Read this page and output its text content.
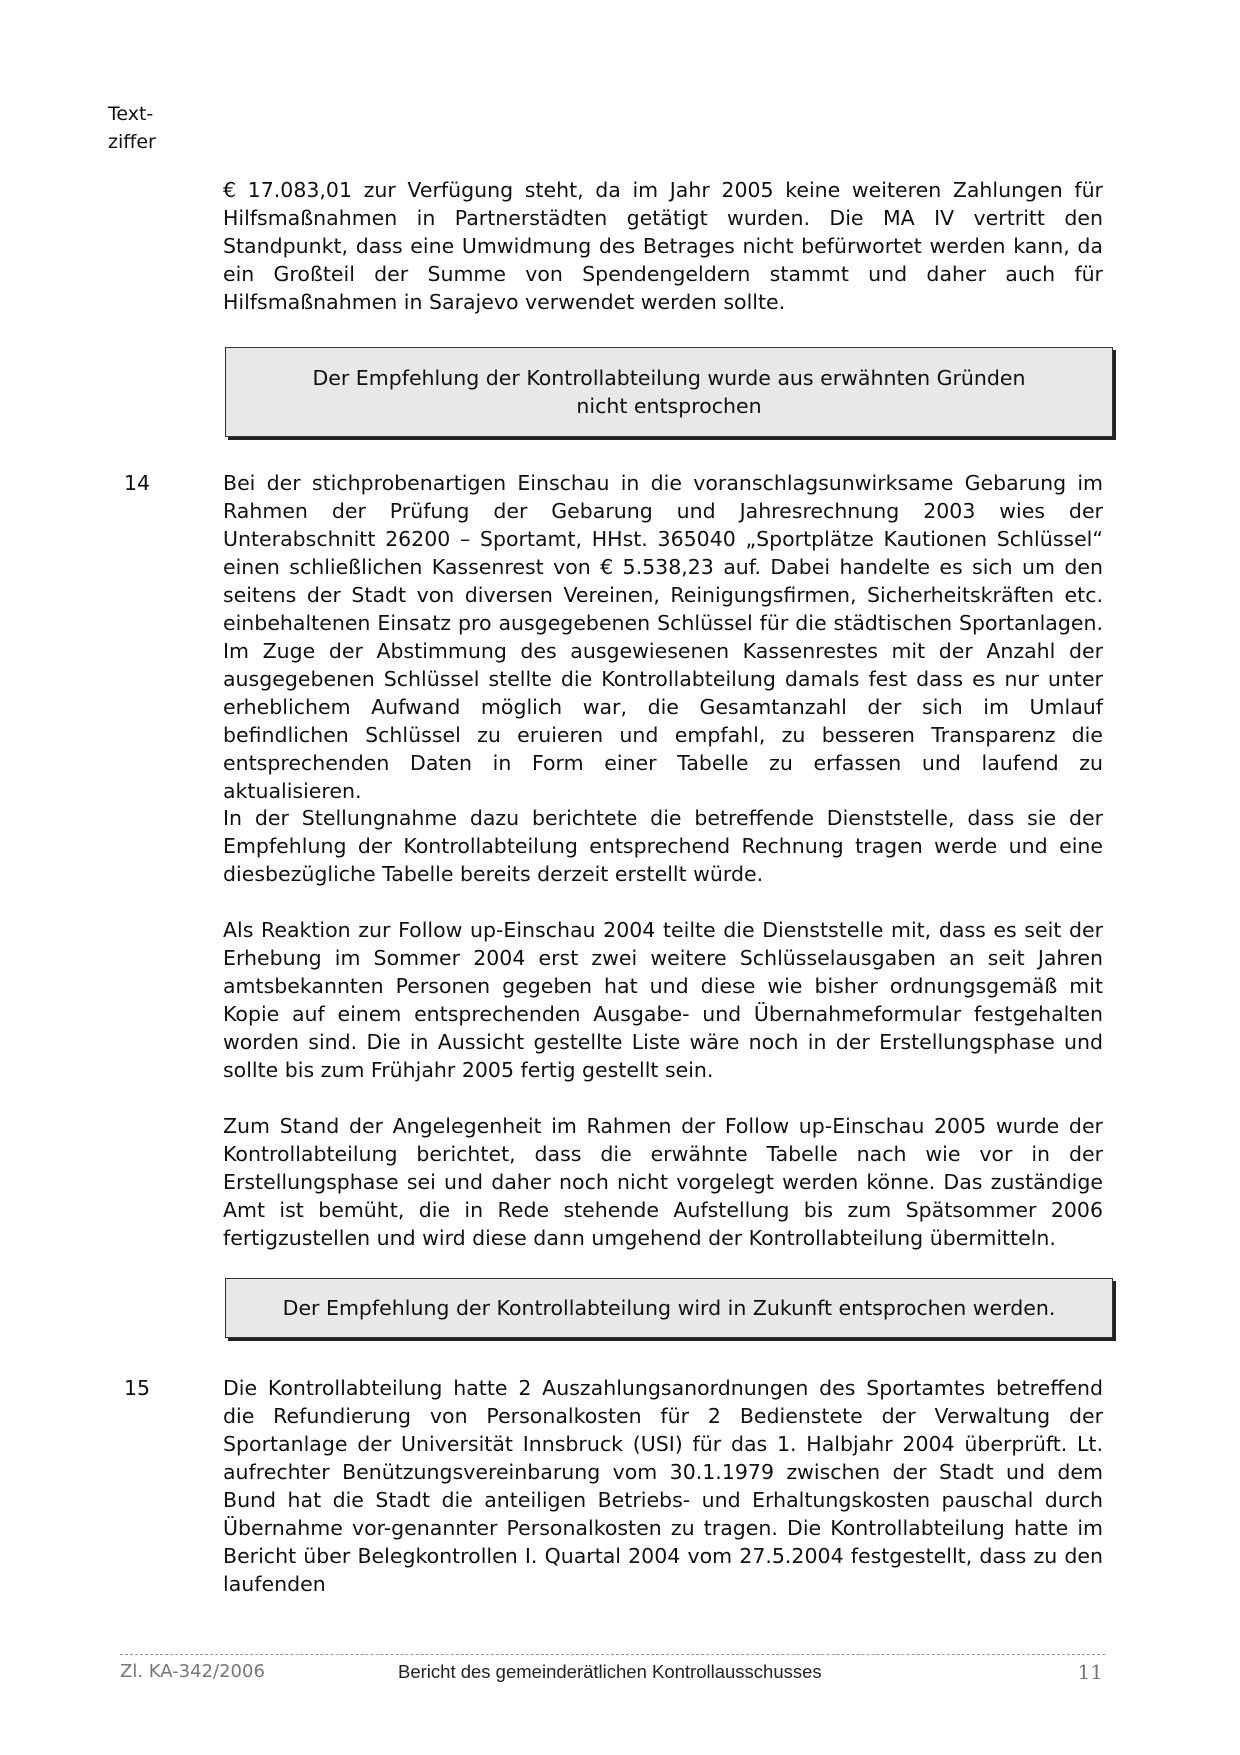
Text-
ziffer

€ 17.083,01 zur Verfügung steht, da im Jahr 2005 keine weiteren Zahlungen für Hilfsmaßnahmen in Partnerstädten getätigt wurden. Die MA IV vertritt den Standpunkt, dass eine Umwidmung des Betrages nicht befürwortet werden kann, da ein Großteil der Summe von Spendengeldern stammt und daher auch für Hilfsmaßnahmen in Sarajevo verwendet werden sollte.

Der Empfehlung der Kontrollabteilung wurde aus erwähnten Gründen nicht entsprochen
14	Bei der stichprobenartigen Einschau in die voranschlagsunwirksame Gebarung im Rahmen der Prüfung der Gebarung und Jahresrechnung 2003 wies der Unterabschnitt 26200 – Sportamt, HHst. 365040 „Sportplätze Kautionen Schlüssel“ einen schließlichen Kassenrest von € 5.538,23 auf. Dabei handelte es sich um den seitens der Stadt von diversen Vereinen, Reinigungsfirmen, Sicherheitskräften etc. einbehaltenen Einsatz pro ausgegebenen Schlüssel für die städtischen Sportanlagen. Im Zuge der Abstimmung des ausgewiesenen Kassenrestes mit der Anzahl der ausgegebenen Schlüssel stellte die Kontrollabteilung damals fest dass es nur unter erheblichem Aufwand möglich war, die Gesamtanzahl der sich im Umlauf befindlichen Schlüssel zu eruieren und empfahl, zu besseren Transparenz die entsprechenden Daten in Form einer Tabelle zu erfassen und laufend zu aktualisieren.

In der Stellungnahme dazu berichtete die betreffende Dienststelle, dass sie der Empfehlung der Kontrollabteilung entsprechend Rechnung tragen werde und eine diesbezügliche Tabelle bereits derzeit erstellt würde.

Als Reaktion zur Follow up-Einschau 2004 teilte die Dienststelle mit, dass es seit der Erhebung im Sommer 2004 erst zwei weitere Schlüsselausgaben an seit Jahren amtsbekannten Personen gegeben hat und diese wie bisher ordnungsgemäß mit Kopie auf einem entsprechenden Ausgabe- und Übernahmeformular festgehalten worden sind. Die in Aussicht gestellte Liste wäre noch in der Erstellungsphase und sollte bis zum Frühjahr 2005 fertig gestellt sein.

Zum Stand der Angelegenheit im Rahmen der Follow up-Einschau 2005 wurde der Kontrollabteilung berichtet, dass die erwähnte Tabelle nach wie vor in der Erstellungsphase sei und daher noch nicht vorgelegt werden könne. Das zuständige Amt ist bemüht, die in Rede stehende Aufstellung bis zum Spätsommer 2006 fertigzustellen und wird diese dann umgehend der Kontrollabteilung übermitteln.

Der Empfehlung der Kontrollabteilung wird in Zukunft entsprochen werden.
15	Die Kontrollabteilung hatte 2 Auszahlungsanordnungen des Sportamtes betreffend die Refundierung von Personalkosten für 2 Bedienstete der Verwaltung der Sportanlage der Universität Innsbruck (USI) für das 1. Halbjahr 2004 überprüft. Lt. aufrechter Benützungsvereinbarung vom 30.1.1979 zwischen der Stadt und dem Bund hat die Stadt die anteiligen Betriebs- und Erhaltungskosten pauschal durch Übernahme vor-genannter Personalkosten zu tragen. Die Kontrollabteilung hatte im Bericht über Belegkontrollen I. Quartal 2004 vom 27.5.2004 festgestellt, dass zu den laufenden

Zl. KA-342/2006	Bericht des gemeinderätlichen Kontrollausschusses	11
